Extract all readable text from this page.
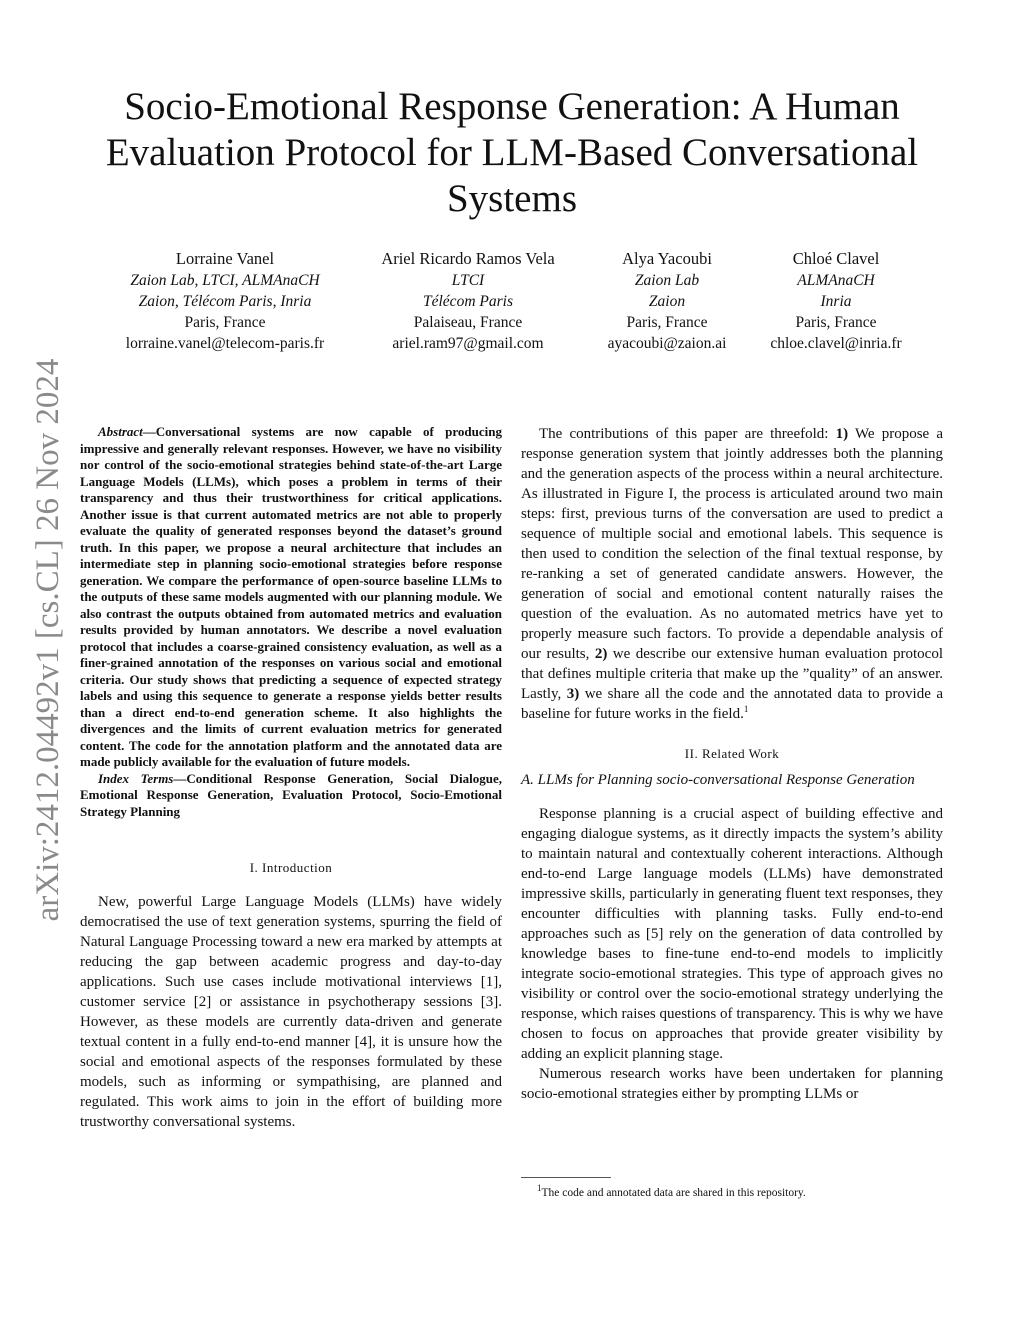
arXiv:2412.04492v1 [cs.CL] 26 Nov 2024
Socio-Emotional Response Generation: A Human Evaluation Protocol for LLM-Based Conversational Systems
Lorraine Vanel
Zaion Lab, LTCI, ALMAnaCH
Zaion, Télécom Paris, Inria
Paris, France
lorraine.vanel@telecom-paris.fr
Ariel Ricardo Ramos Vela
LTCI
Télécom Paris
Palaiseau, France
ariel.ram97@gmail.com
Alya Yacoubi
Zaion Lab
Zaion
Paris, France
ayacoubi@zaion.ai
Chloé Clavel
ALMAnaCH
Inria
Paris, France
chloe.clavel@inria.fr

Abstract—Conversational systems are now capable of producing impressive and generally relevant responses. However, we have no visibility nor control of the socio-emotional strategies behind state-of-the-art Large Language Models (LLMs), which poses a problem in terms of their transparency and thus their trustworthiness for critical applications. Another issue is that current automated metrics are not able to properly evaluate the quality of generated responses beyond the dataset’s ground truth. In this paper, we propose a neural architecture that includes an intermediate step in planning socio-emotional strategies before response generation. We compare the performance of open-source baseline LLMs to the outputs of these same models augmented with our planning module. We also contrast the outputs obtained from automated metrics and evaluation results provided by human annotators. We describe a novel evaluation protocol that includes a coarse-grained consistency evaluation, as well as a finer-grained annotation of the responses on various social and emotional criteria. Our study shows that predicting a sequence of expected strategy labels and using this sequence to generate a response yields better results than a direct end-to-end generation scheme. It also highlights the divergences and the limits of current evaluation metrics for generated content. The code for the annotation platform and the annotated data are made publicly available for the evaluation of future models.

Index Terms—Conditional Response Generation, Social Dialogue, Emotional Response Generation, Evaluation Protocol, Socio-Emotional Strategy Planning

I. Introduction

New, powerful Large Language Models (LLMs) have widely democratised the use of text generation systems, spurring the field of Natural Language Processing toward a new era marked by attempts at reducing the gap between academic progress and day-to-day applications. Such use cases include motivational interviews [1], customer service [2] or assistance in psychotherapy sessions [3]. However, as these models are currently data-driven and generate textual content in a fully end-to-end manner [4], it is unsure how the social and emotional aspects of the responses formulated by these models, such as informing or sympathising, are planned and regulated. This work aims to join in the effort of building more trustworthy conversational systems.

The contributions of this paper are threefold: 1) We propose a response generation system that jointly addresses both the planning and the generation aspects of the process within a neural architecture. As illustrated in Figure I, the process is articulated around two main steps: first, previous turns of the conversation are used to predict a sequence of multiple social and emotional labels. This sequence is then used to condition the selection of the final textual response, by re-ranking a set of generated candidate answers. However, the generation of social and emotional content naturally raises the question of the evaluation. As no automated metrics have yet to properly measure such factors. To provide a dependable analysis of our results, 2) we describe our extensive human evaluation protocol that defines multiple criteria that make up the ”quality” of an answer. Lastly, 3) we share all the code and the annotated data to provide a baseline for future works in the field.$^1$

II. Related Work

A. LLMs for Planning socio-conversational Response Generation

Response planning is a crucial aspect of building effective and engaging dialogue systems, as it directly impacts the system’s ability to maintain natural and contextually coherent interactions. Although end-to-end Large language models (LLMs) have demonstrated impressive skills, particularly in generating fluent text responses, they encounter difficulties with planning tasks. Fully end-to-end approaches such as [5] rely on the generation of data controlled by knowledge bases to fine-tune end-to-end models to implicitly integrate socio-emotional strategies. This type of approach gives no visibility or control over the socio-emotional strategy underlying the response, which raises questions of transparency. This is why we have chosen to focus on approaches that provide greater visibility by adding an explicit planning stage.

Numerous research works have been undertaken for planning socio-emotional strategies either by prompting LLMs or

$^1$The code and annotated data are shared in this repository.
